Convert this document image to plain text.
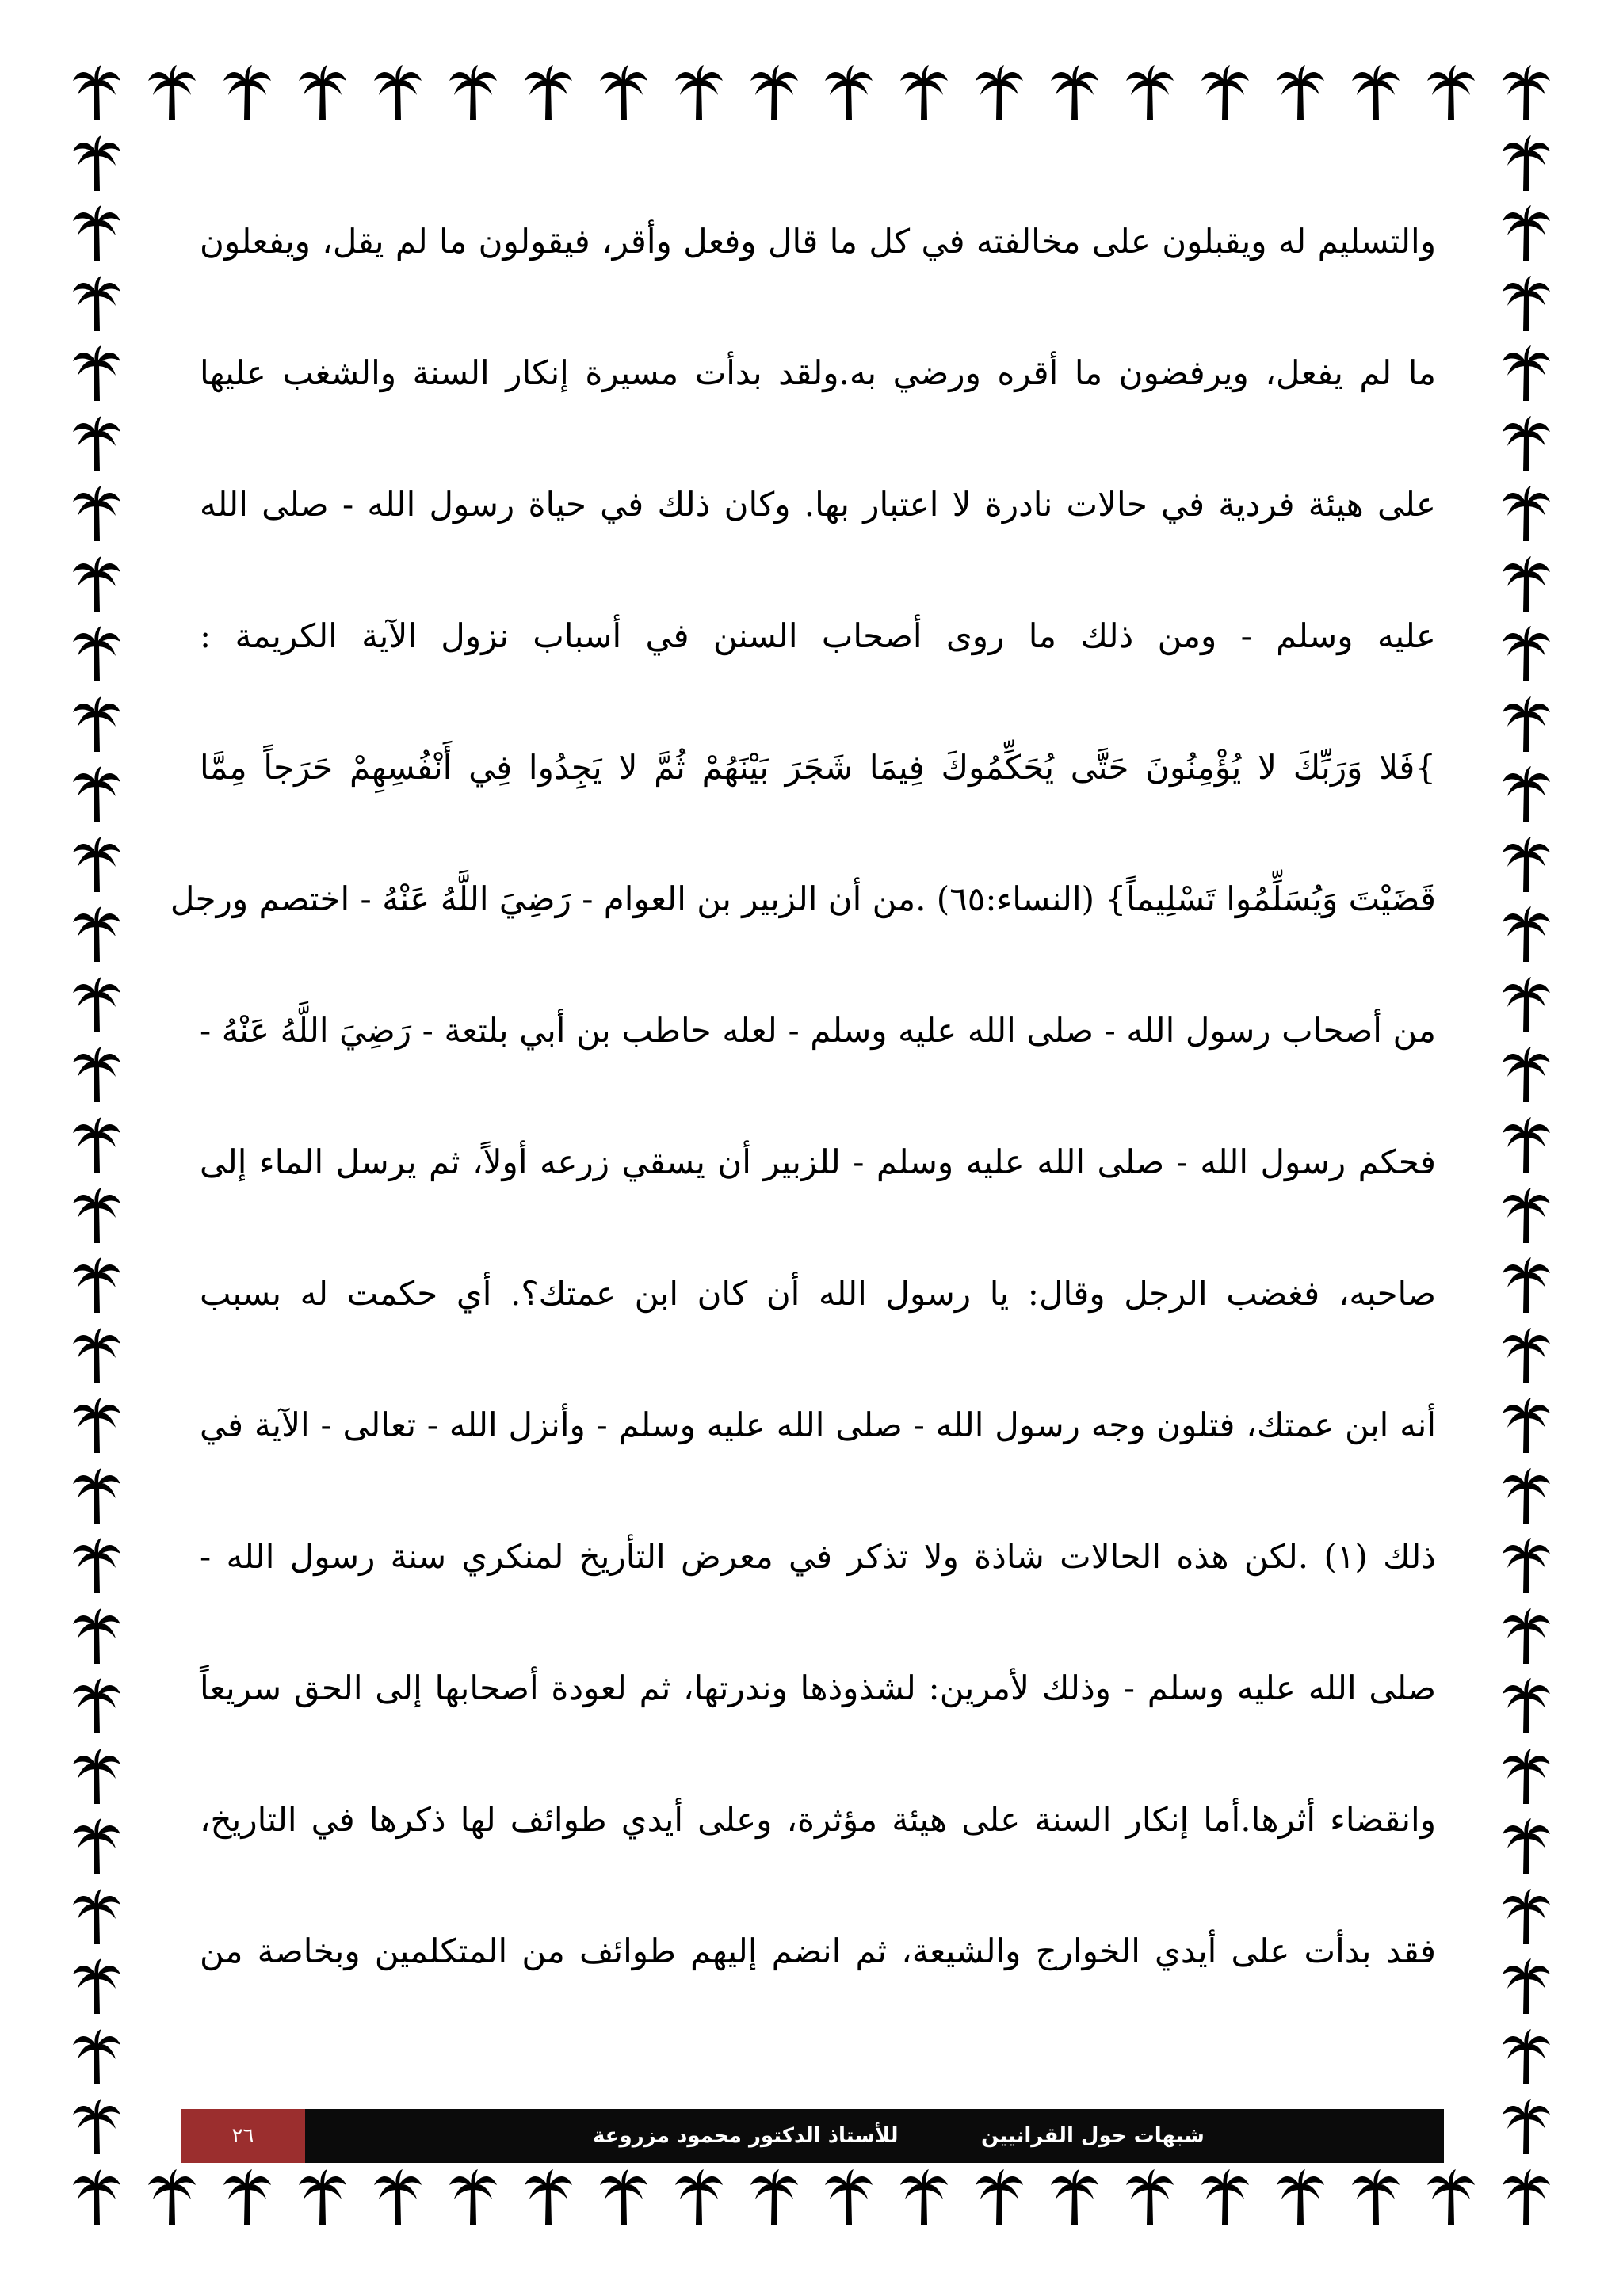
والتسليم له ويقبلون على مخالفته في كل ما قال وفعل وأقر، فيقولون ما لم يقل، ويفعلون
ما لم يفعل، ويرفضون ما أقره ورضي به.ولقد بدأت مسيرة إنكار السنة والشغب عليها
على هيئة فردية في حالات نادرة لا اعتبار بها. وكان ذلك في حياة رسول الله - صلى الله
عليه وسلم - ومن ذلك ما روى أصحاب السنن في أسباب نزول الآية الكريمة :
}فَلا وَرَبِّكَ لا يُؤْمِنُونَ حَتَّى يُحَكِّمُوكَ فِيمَا شَجَرَ بَيْنَهُمْ ثُمَّ لا يَجِدُوا فِي أَنْفُسِهِمْ حَرَجاً مِمَّا
قَضَيْتَ وَيُسَلِّمُوا تَسْلِيماً} (النساء:٦٥) .من أن الزبير بن العوام - رَضِيَ اللَّهُ عَنْهُ - اختصم ورجل
من أصحاب رسول الله - صلى الله عليه وسلم - لعله حاطب بن أبي بلتعة - رَضِيَ اللَّهُ عَنْهُ -
فحكم رسول الله - صلى الله عليه وسلم - للزبير أن يسقي زرعه أولاً، ثم يرسل الماء إلى
صاحبه، فغضب الرجل وقال: يا رسول الله أن كان ابن عمتك؟. أي حكمت له بسبب
أنه ابن عمتك، فتلون وجه رسول الله - صلى الله عليه وسلم - وأنزل الله - تعالى - الآية في
ذلك (١) .لكن هذه الحالات شاذة ولا تذكر في معرض التأريخ لمنكري سنة رسول الله -
صلى الله عليه وسلم - وذلك لأمرين: لشذوذها وندرتها، ثم لعودة أصحابها إلى الحق سريعاً
وانقضاء أثرها.أما إنكار السنة على هيئة مؤثرة، وعلى أيدي طوائف لها ذكرها في التاريخ،
فقد بدأت على أيدي الخوارج والشيعة، ثم انضم إليهم طوائف من المتكلمين وبخاصة من
٢٦	للأستاذ الدكتور محمود مزروعة	شبهات حول القرانيين
